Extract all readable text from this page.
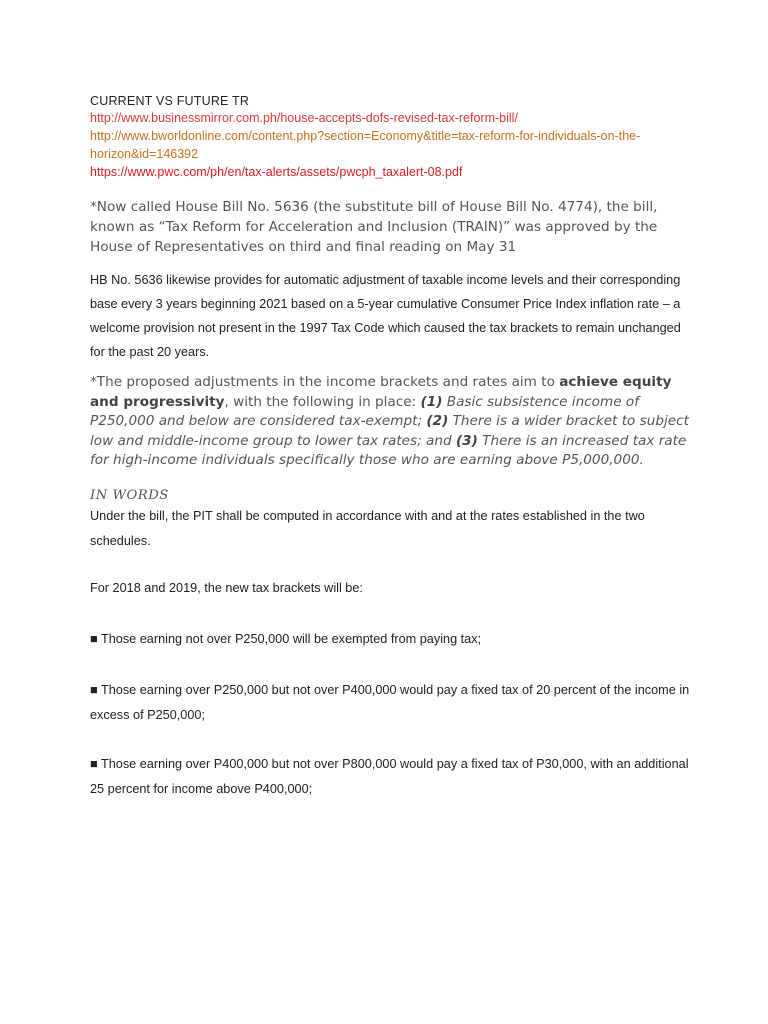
CURRENT VS FUTURE TR
http://www.businessmirror.com.ph/house-accepts-dofs-revised-tax-reform-bill/
http://www.bworldonline.com/content.php?section=Economy&title=tax-reform-for-individuals-on-the-horizon&id=146392
https://www.pwc.com/ph/en/tax-alerts/assets/pwcph_taxalert-08.pdf
*Now called House Bill No. 5636 (the substitute bill of House Bill No. 4774), the bill, known as “Tax Reform for Acceleration and Inclusion (TRAIN)” was approved by the House of Representatives on third and final reading on May 31
HB No. 5636 likewise provides for automatic adjustment of taxable income levels and their corresponding base every 3 years beginning 2021 based on a 5-year cumulative Consumer Price Index inflation rate – a welcome provision not present in the 1997 Tax Code which caused the tax brackets to remain unchanged for the past 20 years.
*The proposed adjustments in the income brackets and rates aim to achieve equity and progressivity, with the following in place: (1) Basic subsistence income of P250,000 and below are considered tax-exempt; (2) There is a wider bracket to subject low and middle-income group to lower tax rates; and (3) There is an increased tax rate for high-income individuals specifically those who are earning above P5,000,000.
IN WORDS
Under the bill, the PIT shall be computed in accordance with and at the rates established in the two schedules.
For 2018 and 2019, the new tax brackets will be:
■ Those earning not over P250,000 will be exempted from paying tax;
■ Those earning over P250,000 but not over P400,000 would pay a fixed tax of 20 percent of the income in excess of P250,000;
■ Those earning over P400,000 but not over P800,000 would pay a fixed tax of P30,000, with an additional 25 percent for income above P400,000;
